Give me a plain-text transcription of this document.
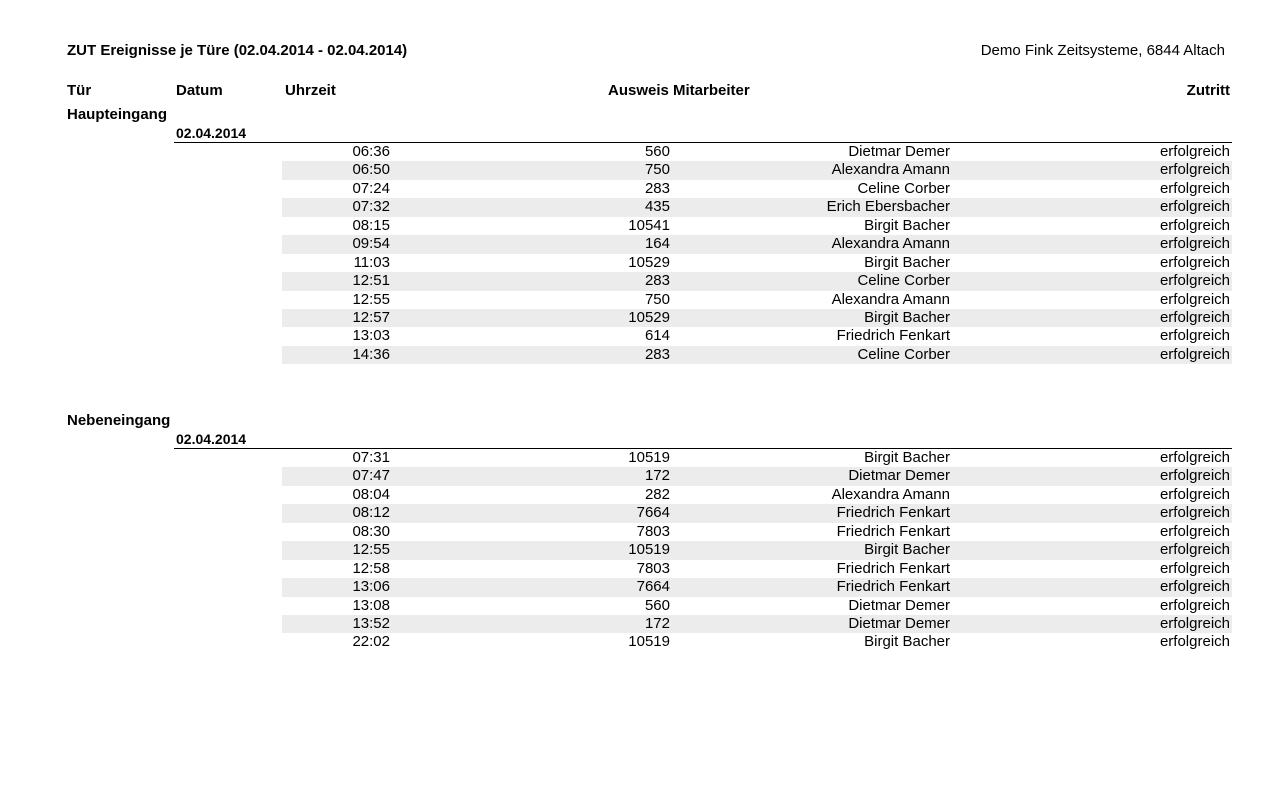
ZUT Ereignisse je Türe (02.04.2014 - 02.04.2014)	Demo Fink Zeitsysteme, 6844 Altach
Tür	Datum	Uhrzeit	Ausweis Mitarbeiter	Zutritt
Haupteingang
02.04.2014
06:36	560	Dietmar Demer	erfolgreich
06:50	750	Alexandra Amann	erfolgreich
07:24	283	Celine Corber	erfolgreich
07:32	435	Erich Ebersbacher	erfolgreich
08:15	10541	Birgit Bacher	erfolgreich
09:54	164	Alexandra Amann	erfolgreich
11:03	10529	Birgit Bacher	erfolgreich
12:51	283	Celine Corber	erfolgreich
12:55	750	Alexandra Amann	erfolgreich
12:57	10529	Birgit Bacher	erfolgreich
13:03	614	Friedrich Fenkart	erfolgreich
14:36	283	Celine Corber	erfolgreich
Nebeneingang
02.04.2014
07:31	10519	Birgit Bacher	erfolgreich
07:47	172	Dietmar Demer	erfolgreich
08:04	282	Alexandra Amann	erfolgreich
08:12	7664	Friedrich Fenkart	erfolgreich
08:30	7803	Friedrich Fenkart	erfolgreich
12:55	10519	Birgit Bacher	erfolgreich
12:58	7803	Friedrich Fenkart	erfolgreich
13:06	7664	Friedrich Fenkart	erfolgreich
13:08	560	Dietmar Demer	erfolgreich
13:52	172	Dietmar Demer	erfolgreich
22:02	10519	Birgit Bacher	erfolgreich
